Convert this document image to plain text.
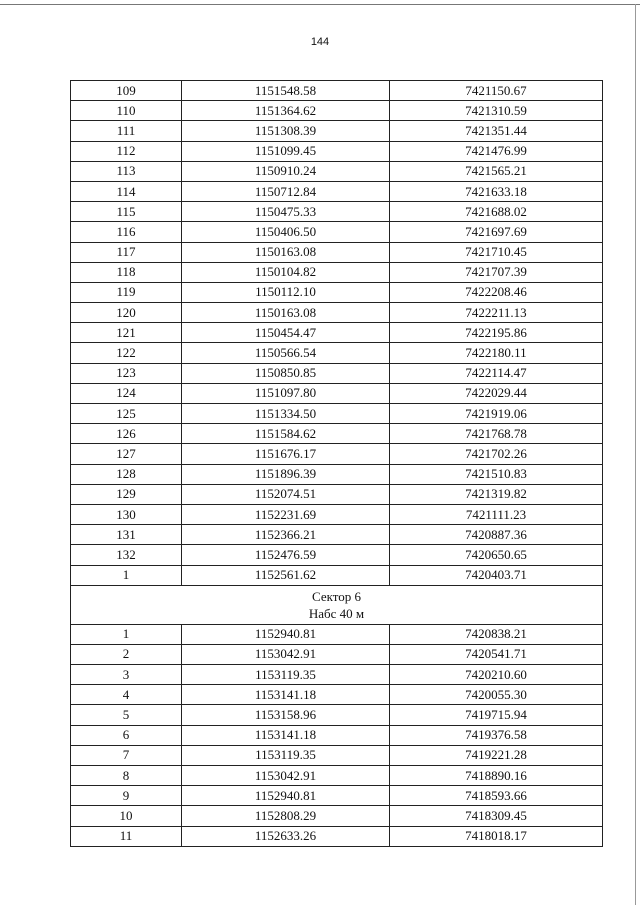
144
109	1151548.58	7421150.67
110	1151364.62	7421310.59
111	1151308.39	7421351.44
112	1151099.45	7421476.99
113	1150910.24	7421565.21
114	1150712.84	7421633.18
115	1150475.33	7421688.02
116	1150406.50	7421697.69
117	1150163.08	7421710.45
118	1150104.82	7421707.39
119	1150112.10	7422208.46
120	1150163.08	7422211.13
121	1150454.47	7422195.86
122	1150566.54	7422180.11
123	1150850.85	7422114.47
124	1151097.80	7422029.44
125	1151334.50	7421919.06
126	1151584.62	7421768.78
127	1151676.17	7421702.26
128	1151896.39	7421510.83
129	1152074.51	7421319.82
130	1152231.69	7421111.23
131	1152366.21	7420887.36
132	1152476.59	7420650.65
1	1152561.62	7420403.71

Сектор 6
Набс 40 м		

1	1152940.81	7420838.21
2	1153042.91	7420541.71
3	1153119.35	7420210.60
4	1153141.18	7420055.30
5	1153158.96	7419715.94
6	1153141.18	7419376.58
7	1153119.35	7419221.28
8	1153042.91	7418890.16
9	1152940.81	7418593.66
10	1152808.29	7418309.45
11	1152633.26	7418018.17
